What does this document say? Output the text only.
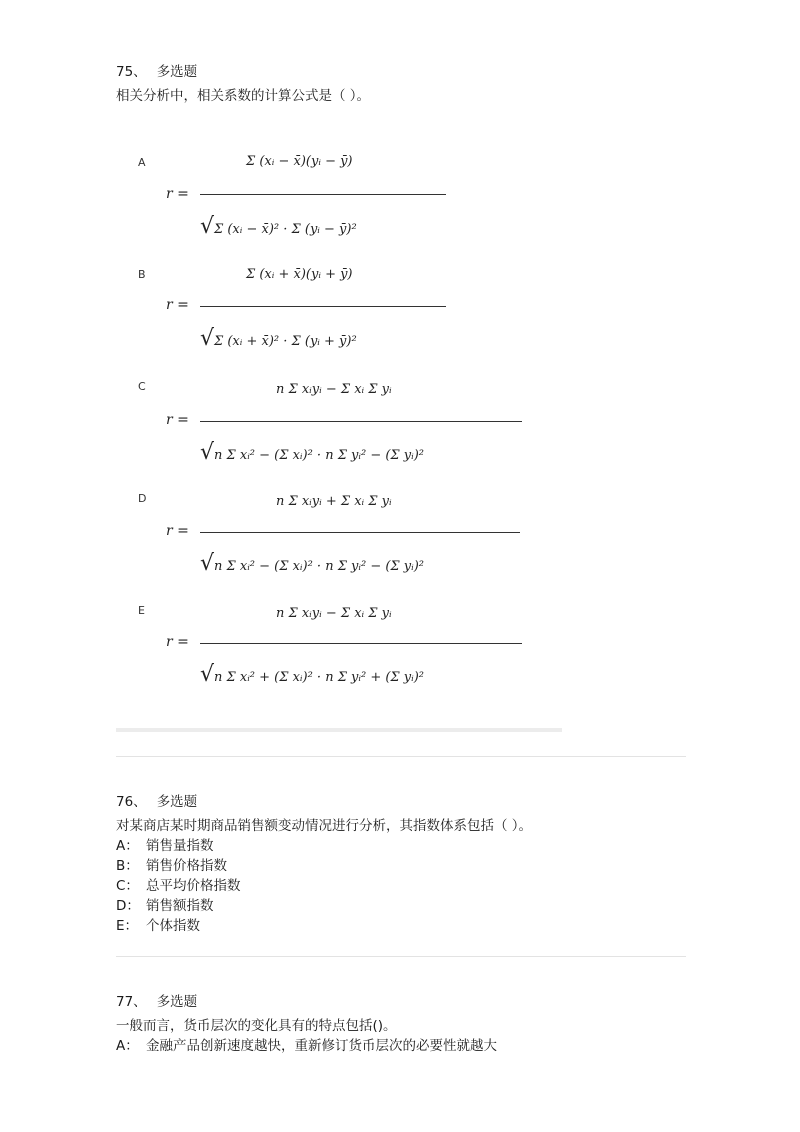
75、 多选题
相关分析中，相关系数的计算公式是（ ）。
A
r =
Σ (xᵢ − x̄)(yᵢ − ȳ)
√Σ (xᵢ − x̄)² · Σ (yᵢ − ȳ)²
B
r =
Σ (xᵢ + x̄)(yᵢ + ȳ)
√Σ (xᵢ + x̄)² · Σ (yᵢ + ȳ)²
C
r =
n Σ xᵢyᵢ − Σ xᵢ Σ yᵢ
√n Σ xᵢ² − (Σ xᵢ)² · n Σ yᵢ² − (Σ yᵢ)²
D
r =
n Σ xᵢyᵢ + Σ xᵢ Σ yᵢ
√n Σ xᵢ² − (Σ xᵢ)² · n Σ yᵢ² − (Σ yᵢ)²
E
r =
n Σ xᵢyᵢ − Σ xᵢ Σ yᵢ
√n Σ xᵢ² + (Σ xᵢ)² · n Σ yᵢ² + (Σ yᵢ)²
76、 多选题
对某商店某时期商品销售额变动情况进行分析，其指数体系包括（ ）。
A： 销售量指数
B： 销售价格指数
C： 总平均价格指数
D： 销售额指数
E： 个体指数
77、 多选题
一般而言，货币层次的变化具有的特点包括()。
A： 金融产品创新速度越快，重新修订货币层次的必要性就越大
